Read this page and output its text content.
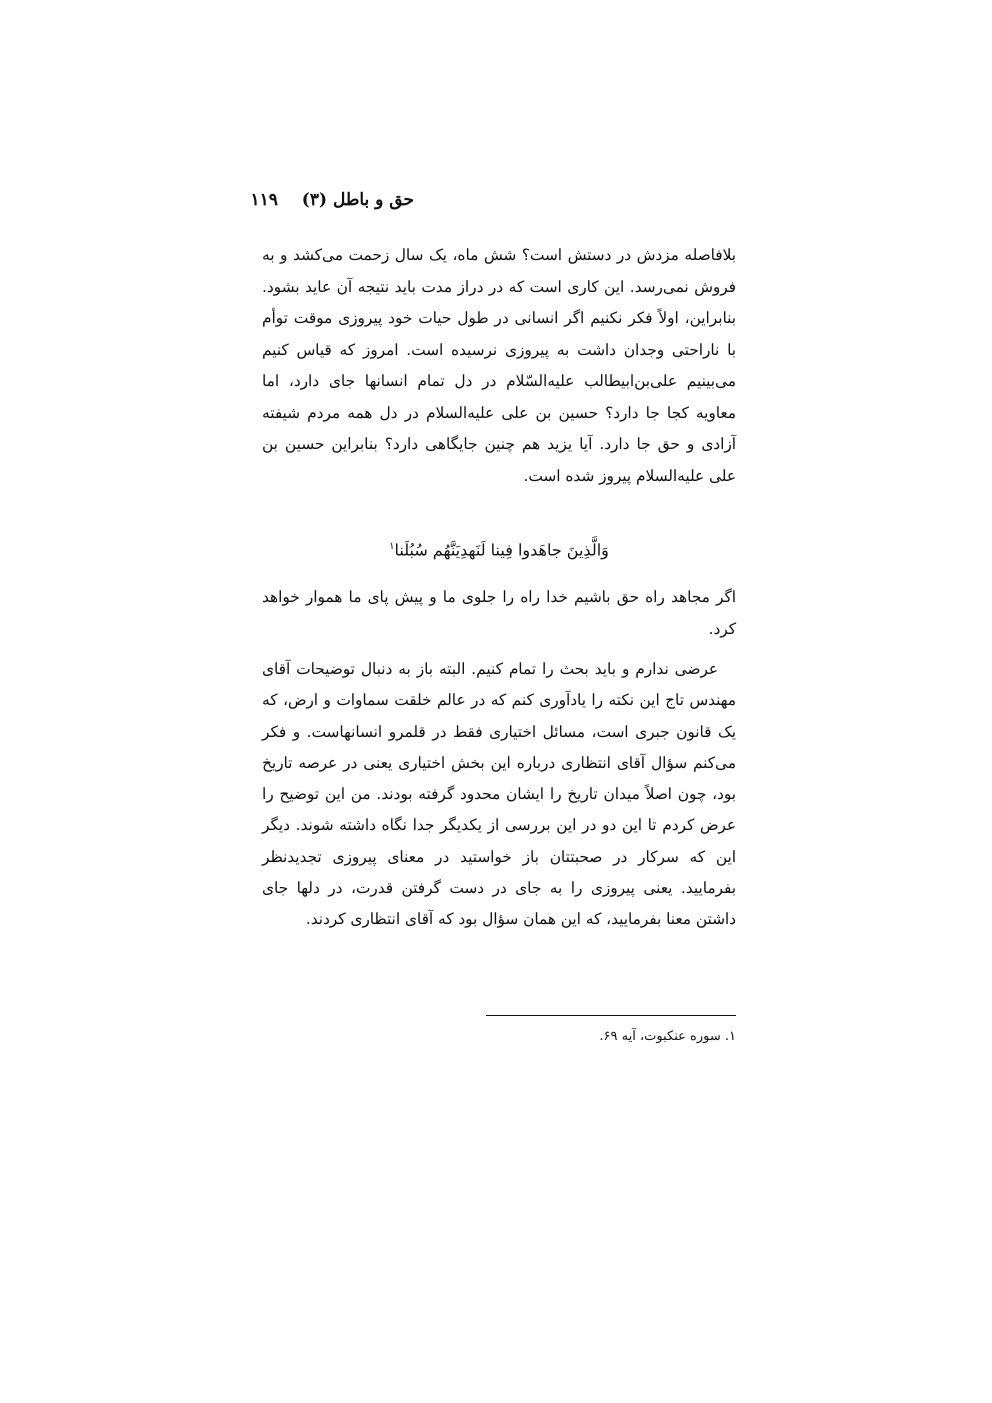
حق و باطل (۳) ۱۱۹

بلافاصله مزدش در دستش است؟ شش ماه، یک سال زحمت می‌کشد و به فروش نمی‌رسد. این کاری است که در دراز مدت باید نتیجه آن عاید بشود. بنابراین، اولاً فکر نکنیم اگر انسانی در طول حیات خود پیروزی موقت توأم با ناراحتی وجدان داشت به پیروزی نرسیده است. امروز که قیاس کنیم می‌بینیم علی‌بن‌ابیطالب علیه‌السّلام در دل تمام انسانها جای دارد، اما معاویه کجا جا دارد؟ حسین بن علی علیه‌السلام در دل همه مردم شیفته آزادی و حق جا دارد. آیا یزید هم چنین جایگاهی دارد؟ بنابراین حسین بن علی علیه‌السلام پیروز شده است.

وَالَّذِینَ جاهَدوا فِینا لَنَهدِیَنَّهُم سُبُلَنا$^۱$

اگر مجاهد راه حق باشیم خدا راه را جلوی ما و پیش پای ما هموار خواهد کرد.

عرضی ندارم و باید بحث را تمام کنیم. البته باز به دنبال توضیحات آقای مهندس تاج این نکته را یادآوری کنم که در عالم خلقت سماوات و ارض، که یک قانون جبری است، مسائل اختیاری فقط در قلمرو انسانهاست. و فکر می‌کنم سؤال آقای انتظاری درباره این بخش اختیاری یعنی در عرصه تاریخ بود، چون اصلاً میدان تاریخ را ایشان محدود گرفته بودند. من این توضیح را عرض کردم تا این دو در این بررسی از یکدیگر جدا نگاه داشته شوند. دیگر این که سرکار در صحبتتان باز خواستید در معنای پیروزی تجدیدنظر بفرمایید. یعنی پیروزی را به جای در دست گرفتن قدرت، در دلها جای داشتن معنا بفرمایید، که این همان سؤال بود که آقای انتظاری کردند.

۱. سوره عنکبوت، آیه ۶۹.
